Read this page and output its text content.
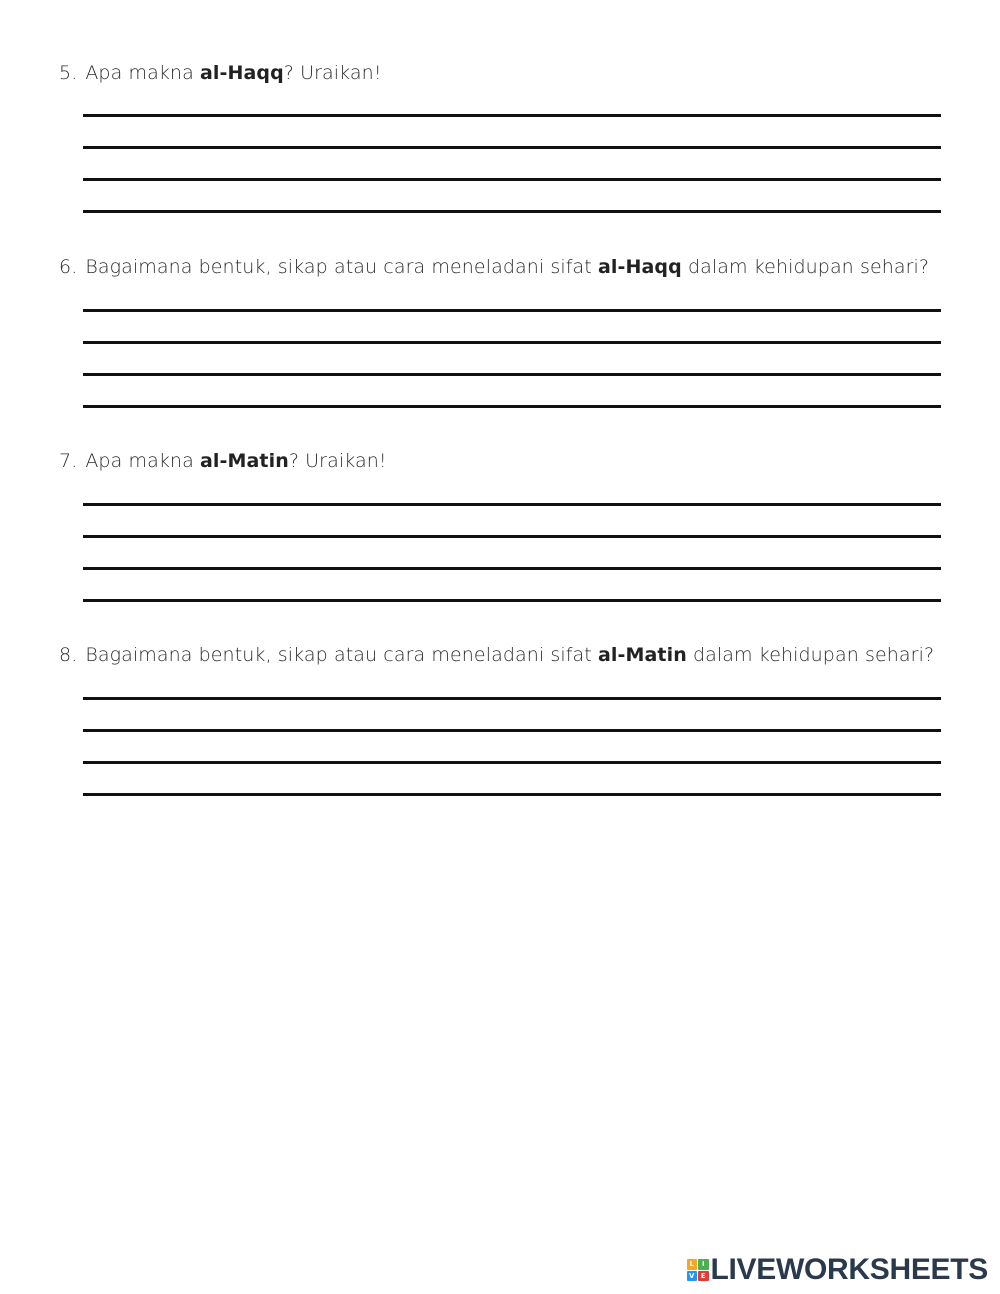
5. Apa makna al-Haqq? Uraikan!
6. Bagaimana bentuk, sikap atau cara meneladani sifat al-Haqq dalam kehidupan sehari?
7. Apa makna al-Matin? Uraikan!
8. Bagaimana bentuk, sikap atau cara meneladani sifat al-Matin dalam kehidupan sehari?
L	I
V E LIVEWORKSHEETS
